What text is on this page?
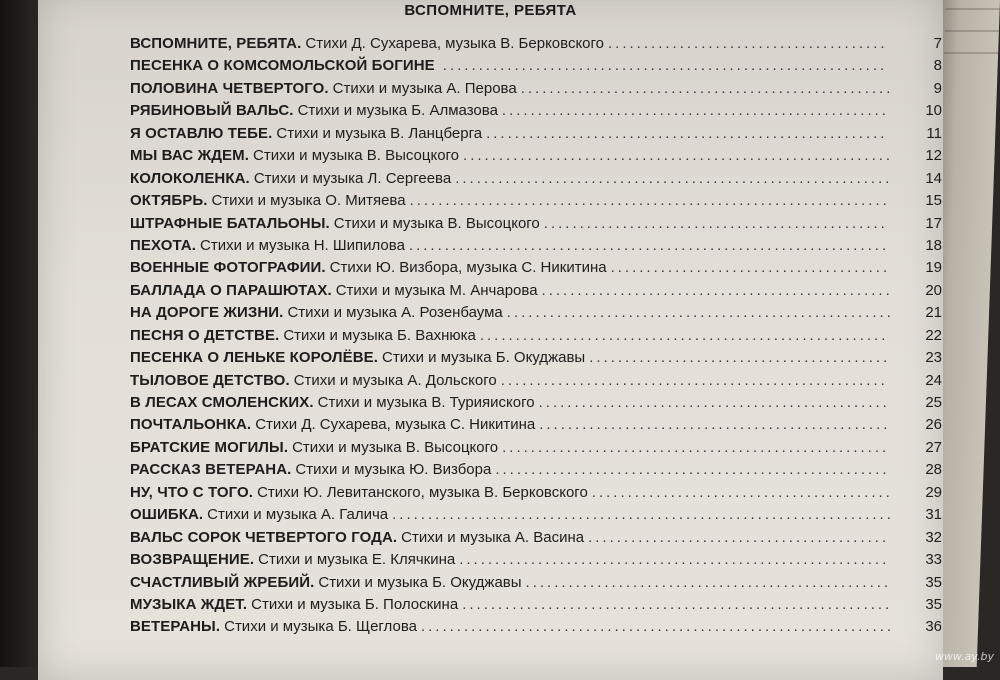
ВСПОМНИТЕ, РЕБЯТА
ВСПОМНИТЕ, РЕБЯТА. Стихи Д. Сухарева, музыка В. Берковского .......................................	7
ПЕСЕНКА О КОМСОМОЛЬСКОЙ БОГИНЕ ..............................................................	8
ПОЛОВИНА ЧЕТВЕРТОГО. Стихи и музыка А. Перова ....................................................	9
РЯБИНОВЫЙ ВАЛЬС. Стихи и музыка Б. Алмазова ......................................................	10
Я ОСТАВЛЮ ТЕБЕ. Стихи и музыка В. Ланцберга ........................................................	11
МЫ ВАС ЖДЕМ. Стихи и музыка В. Высоцкого ............................................................	12
КОЛОКОЛЕНКА. Стихи и музыка Л. Сергеева .............................................................	14
ОКТЯБРЬ. Стихи и музыка О. Митяева ...................................................................	15
ШТРАФНЫЕ БАТАЛЬОНЫ. Стихи и музыка В. Высоцкого ................................................	17
ПЕХОТА. Стихи и музыка Н. Шипилова ...................................................................	18
ВОЕННЫЕ ФОТОГРАФИИ. Стихи Ю. Визбора, музыка С. Никитина .......................................	19
БАЛЛАДА О ПАРАШЮТАХ. Стихи и музыка М. Анчарова .................................................	20
НА ДОРОГЕ ЖИЗНИ. Стихи и музыка А. Розенбаума ......................................................	21
ПЕСНЯ О ДЕТСТВЕ. Стихи и музыка Б. Вахнюка .........................................................	22
ПЕСЕНКА О ЛЕНЬКЕ КОРОЛЁВЕ. Стихи и музыка Б. Окуджавы ..........................................	23
ТЫЛОВОЕ ДЕТСТВО. Стихи и музыка А. Дольского ......................................................	24
В ЛЕСАХ СМОЛЕНСКИХ. Стихи и музыка В. Турияиского .................................................	25
ПОЧТАЛЬОНКА. Стихи Д. Сухарева, музыка С. Никитина .................................................	26
БРАТСКИЕ МОГИЛЫ. Стихи и музыка В. Высоцкого ......................................................	27
РАССКАЗ ВЕТЕРАНА. Стихи и музыка Ю. Визбора .......................................................	28
НУ, ЧТО С ТОГО. Стихи Ю. Левитанского, музыка В. Берковского ..........................................	29
ОШИБКА. Стихи и музыка А. Галича ......................................................................	31
ВАЛЬС СОРОК ЧЕТВЕРТОГО ГОДА. Стихи и музыка А. Васина ..........................................	32
ВОЗВРАЩЕНИЕ. Стихи и музыка Е. Клячкина ............................................................	33
СЧАСТЛИВЫЙ ЖРЕБИЙ. Стихи и музыка Б. Окуджавы ...................................................	35
МУЗЫКА ЖДЕТ. Стихи и музыка Б. Полоскина ............................................................	35
ВЕТЕРАНЫ. Стихи и музыка Б. Щеглова ..................................................................	36
www.ay.by
